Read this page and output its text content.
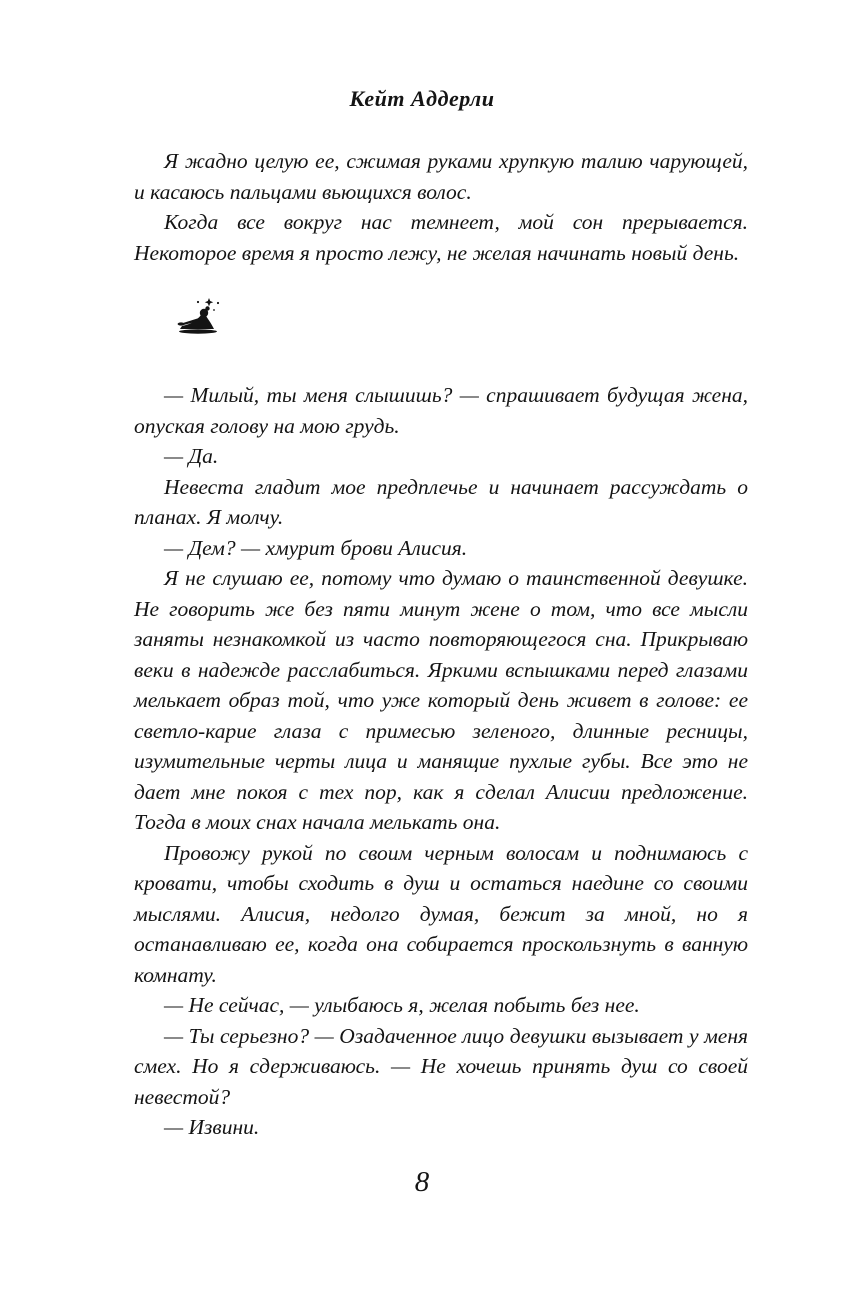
Кейт Аддерли

Я жадно целую ее, сжимая руками хрупкую талию чарующей, и касаюсь пальцами вьющихся волос.

Когда все вокруг нас темнеет, мой сон прерывается. Некоторое время я просто лежу, не желая начинать новый день.

— Милый, ты меня слышишь? — спрашивает будущая жена, опуская голову на мою грудь.

— Да.

Невеста гладит мое предплечье и начинает рассуждать о планах. Я молчу.

— Дем? — хмурит брови Алисия.

Я не слушаю ее, потому что думаю о таинственной девушке. Не говорить же без пяти минут жене о том, что все мысли заняты незнакомкой из часто повторяющегося сна. Прикрываю веки в надежде расслабиться. Яркими вспышками перед глазами мелькает образ той, что уже который день живет в голове: ее светло-карие глаза с примесью зеленого, длинные ресницы, изумительные черты лица и манящие пухлые губы. Все это не дает мне покоя с тех пор, как я сделал Алисии предложение. Тогда в моих снах начала мелькать она.

Провожу рукой по своим черным волосам и поднимаюсь с кровати, чтобы сходить в душ и остаться наедине со своими мыслями. Алисия, недолго думая, бежит за мной, но я останавливаю ее, когда она собирается проскользнуть в ванную комнату.

— Не сейчас, — улыбаюсь я, желая побыть без нее.

— Ты серьезно? — Озадаченное лицо девушки вызывает у меня смех. Но я сдерживаюсь. — Не хочешь принять душ со своей невестой?

— Извини.

8
